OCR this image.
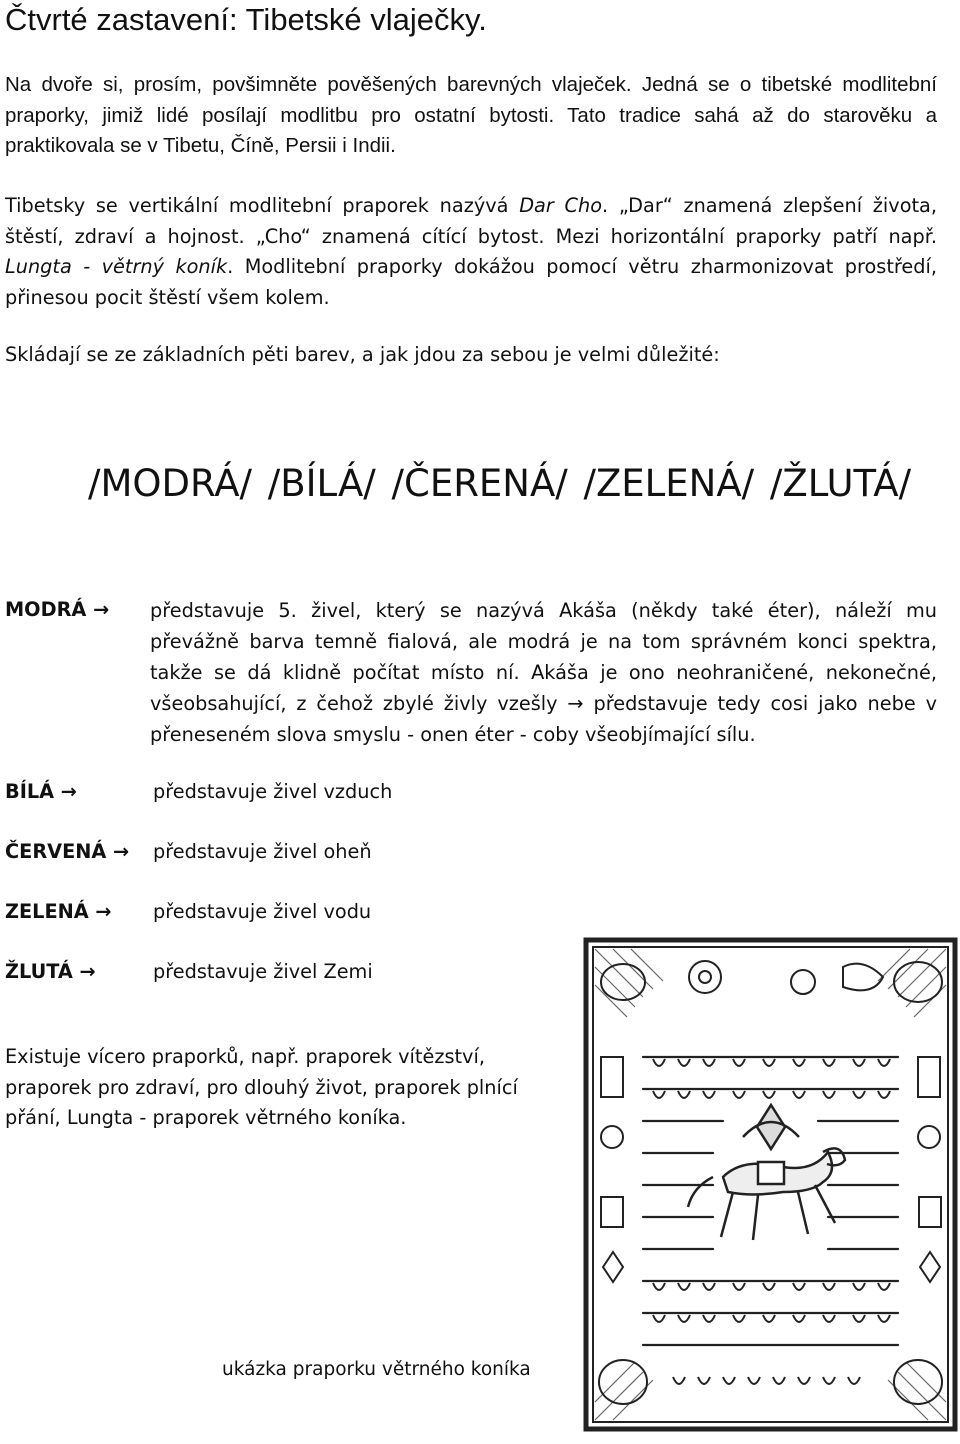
Čtvrté zastavení: Tibetské vlaječky.
Na dvoře si, prosím, povšimněte pověšených barevných vlaječek. Jedná se o tibetské modlitební praporky, jimiž lidé posílají modlitbu pro ostatní bytosti. Tato tradice sahá až do starověku a praktikovala se v Tibetu, Číně, Persii i Indii.
Tibetsky se vertikální modlitební praporek nazývá Dar Cho. „Dar“ znamená zlepšení života, štěstí, zdraví a hojnost. „Cho“ znamená cítící bytost. Mezi horizontální praporky patří např. Lungta - větrný koník. Modlitební praporky dokážou pomocí větru zharmonizovat prostředí, přinesou pocit štěstí všem kolem.
Skládají se ze základních pěti barev, a jak jdou za sebou je velmi důležité:
/MODRÁ/ /BÍLÁ/ /ČERENÁ/ /ZELENÁ/ /ŽLUTÁ/
MODRÁ → představuje 5. živel, který se nazývá Akáša (někdy také éter), náleží mu převážně barva temně fialová, ale modrá je na tom správném konci spektra, takže se dá klidně počítat místo ní. Akáša je ono neohraničené, nekonečné, všeobsahující, z čehož zbylé živly vzešly → představuje tedy cosi jako nebe v přeneseném slova smyslu - onen éter - coby všeobjímající sílu.
BÍLÁ →	představuje živel vzduch
ČERVENÁ → představuje živel oheň
ZELENÁ → představuje živel vodu
ŽLUTÁ →	představuje živel Zemi
Existuje vícero praporků, např. praporek vítězství, praporek pro zdraví, pro dlouhý život, praporek plnící přání, Lungta - praporek větrného koníka.
ukázka praporku větrného koníka
